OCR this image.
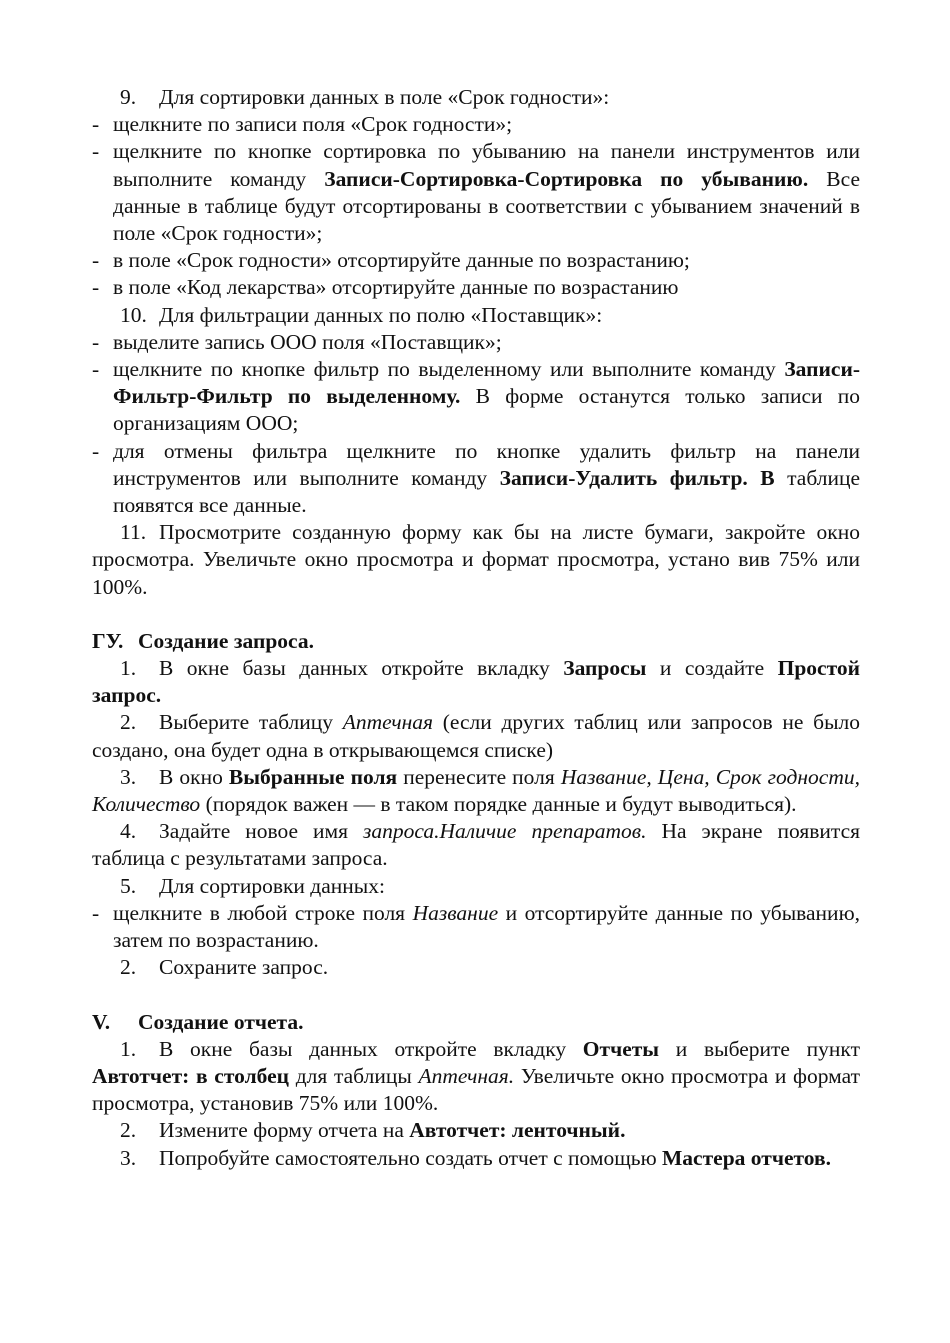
9. Для сортировки данных в поле «Срок годности»:

- щелкните по записи поля «Срок годности»;

- щелкните по кнопке сортировка по убыванию на панели инструментов или выполните команду Записи-Сортировка-Сортировка по убыванию. Все данные в таблице будут отсортированы в соответствии с убыванием значений в поле «Срок годности»;

- в поле «Срок годности» отсортируйте данные по возрастанию;

- в поле «Код лекарства» отсортируйте данные по возрастанию

10. Для фильтрации данных по полю «Поставщик»:

- выделите запись ООО поля «Поставщик»;

- щелкните по кнопке фильтр по выделенному или выполните команду Записи-Фильтр-Фильтр по выделенному. В форме останутся только записи по организациям ООО;

- для отмены фильтра щелкните по кнопке удалить фильтр на панели инструментов или выполните команду Записи-Удалить фильтр. В таблице появятся все данные.

11. Просмотрите созданную форму как бы на листе бумаги, закройте окно просмотра. Увеличьте окно просмотра и формат просмотра, устано вив 75% или 100%.

ГУ. Создание запроса.

1. В окне базы данных откройте вкладку Запросы и создайте Простой запрос.

2. Выберите таблицу Аптечная (если других таблиц или запросов не было создано, она будет одна в открывающемся списке)

3. В окно Выбранные поля перенесите поля Название, Цена, Срок годности, Количество (порядок важен — в таком порядке данные и будут выводиться).

4. Задайте новое имя запроса.Наличие препаратов. На экране появится таблица с результатами запроса.

5. Для сортировки данных:

- щелкните в любой строке поля Название и отсортируйте данные по убыванию, затем по возрастанию.

2. Сохраните запрос.

V. Создание отчета.

1. В окне базы данных откройте вкладку Отчеты и выберите пункт Автотчет: в столбец для таблицы Аптечная. Увеличьте окно просмотра и формат просмотра, установив 75% или 100%.

2. Измените форму отчета на Автотчет: ленточный.

3. Попробуйте самостоятельно создать отчет с помощью Мастера отчетов.
